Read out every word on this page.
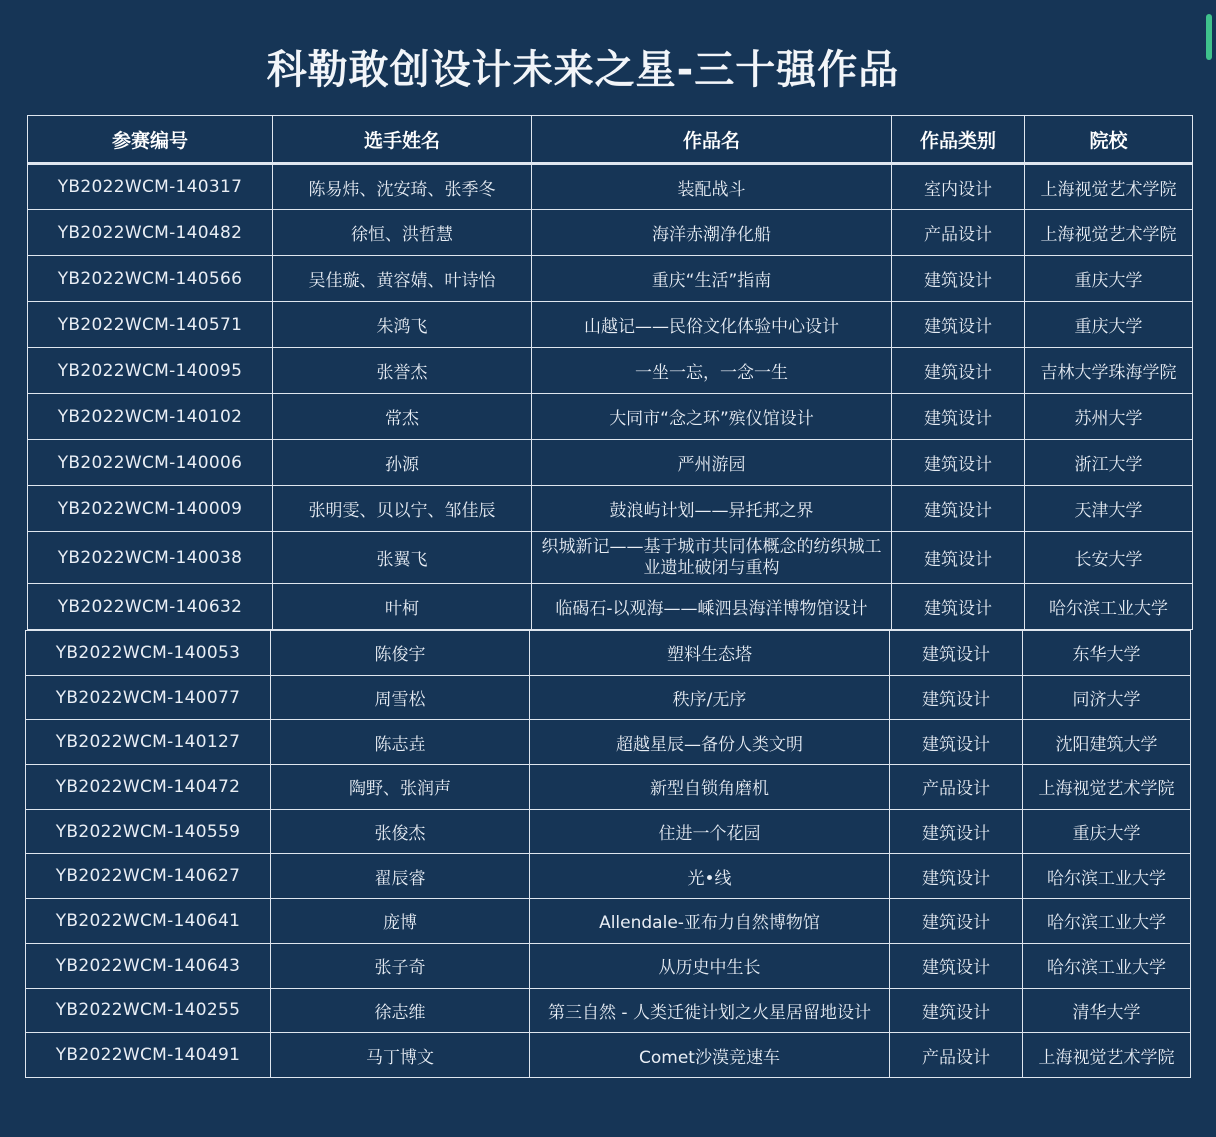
科勒敢创设计未来之星-三十强作品
参赛编号	选手姓名	作品名	作品类别	院校
YB2022WCM-140317	陈易炜、沈安琦、张季冬	装配战斗	室内设计	上海视觉艺术学院
YB2022WCM-140482	徐恒、洪哲慧	海洋赤潮净化船	产品设计	上海视觉艺术学院
YB2022WCM-140566	吴佳璇、黄容婧、叶诗怡	重庆“生活”指南	建筑设计	重庆大学
YB2022WCM-140571	朱鸿飞	山越记——民俗文化体验中心设计	建筑设计	重庆大学
YB2022WCM-140095	张誉杰	一坐一忘，一念一生	建筑设计	吉林大学珠海学院
YB2022WCM-140102	常杰	大同市“念之环”殡仪馆设计	建筑设计	苏州大学
YB2022WCM-140006	孙源	严州游园	建筑设计	浙江大学
YB2022WCM-140009	张明雯、贝以宁、邹佳辰	鼓浪屿计划——异托邦之界	建筑设计	天津大学
YB2022WCM-140038	张翼飞	织城新记——基于城市共同体概念的纺织城工业遗址破闭与重构	建筑设计	长安大学
YB2022WCM-140632	叶柯	临碣石-以观海——嵊泗县海洋博物馆设计	建筑设计	哈尔滨工业大学
YB2022WCM-140053	陈俊宇	塑料生态塔	建筑设计	东华大学
YB2022WCM-140077	周雪松	秩序/无序	建筑设计	同济大学
YB2022WCM-140127	陈志垚	超越星辰—备份人类文明	建筑设计	沈阳建筑大学
YB2022WCM-140472	陶野、张润声	新型自锁角磨机	产品设计	上海视觉艺术学院
YB2022WCM-140559	张俊杰	住进一个花园	建筑设计	重庆大学
YB2022WCM-140627	翟辰睿	光•线	建筑设计	哈尔滨工业大学
YB2022WCM-140641	庞博	Allendale-亚布力自然博物馆	建筑设计	哈尔滨工业大学
YB2022WCM-140643	张子奇	从历史中生长	建筑设计	哈尔滨工业大学
YB2022WCM-140255	徐志维	第三自然 - 人类迁徙计划之火星居留地设计	建筑设计	清华大学
YB2022WCM-140491	马丁博文	Comet沙漠竞速车	产品设计	上海视觉艺术学院
